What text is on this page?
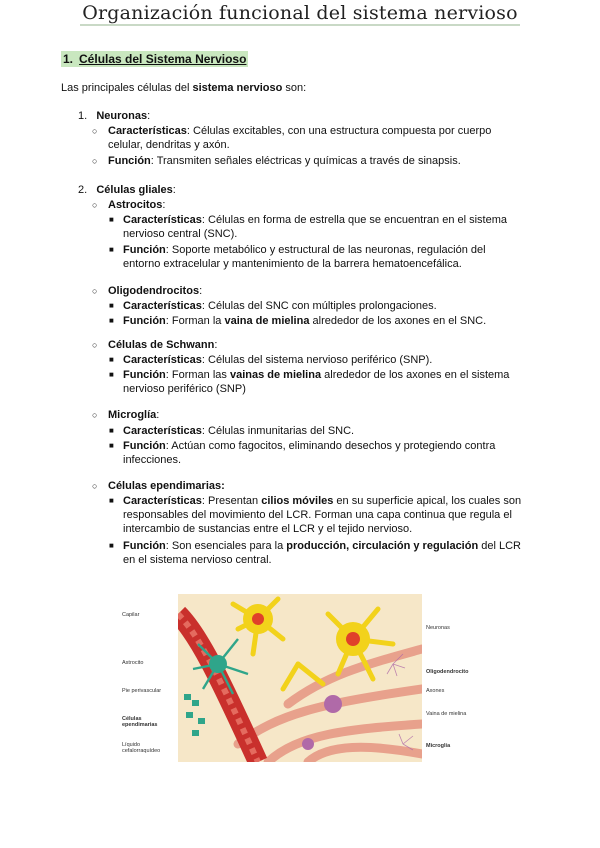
Organización funcional del sistema nervioso
1. Células del Sistema Nervioso
Las principales células del sistema nervioso son:
1. Neuronas:
○ Características: Células excitables, con una estructura compuesta por cuerpo celular, dendritas y axón.
○ Función: Transmiten señales eléctricas y químicas a través de sinapsis.
2. Células gliales:
○ Astrocitos:
■ Características: Células en forma de estrella que se encuentran en el sistema nervioso central (SNC).
■ Función: Soporte metabólico y estructural de las neuronas, regulación del entorno extracelular y mantenimiento de la barrera hematoencefálica.
○ Oligodendrocitos:
■ Características: Células del SNC con múltiples prolongaciones.
■ Función: Forman la vaina de mielina alrededor de los axones en el SNC.
○ Células de Schwann:
■ Características: Células del sistema nervioso periférico (SNP).
■ Función: Forman las vainas de mielina alrededor de los axones en el sistema nervioso periférico (SNP)
○ Microglía:
■ Características: Células inmunitarias del SNC.
■ Función: Actúan como fagocitos, eliminando desechos y protegiendo contra infecciones.
○ Células ependimarias:
■ Características: Presentan cilios móviles en su superficie apical, los cuales son responsables del movimiento del LCR. Forman una capa continua que regula el intercambio de sustancias entre el LCR y el tejido nervioso.
■ Función: Son esenciales para la producción, circulación y regulación del LCR en el sistema nervioso central.
Capilar
Astrocito
Pie perivascular
Células ependimarias
Líquido cefalorraquídeo
Neuronas
Oligodendrocito
Axones
Vaina de mielina
Microglía
